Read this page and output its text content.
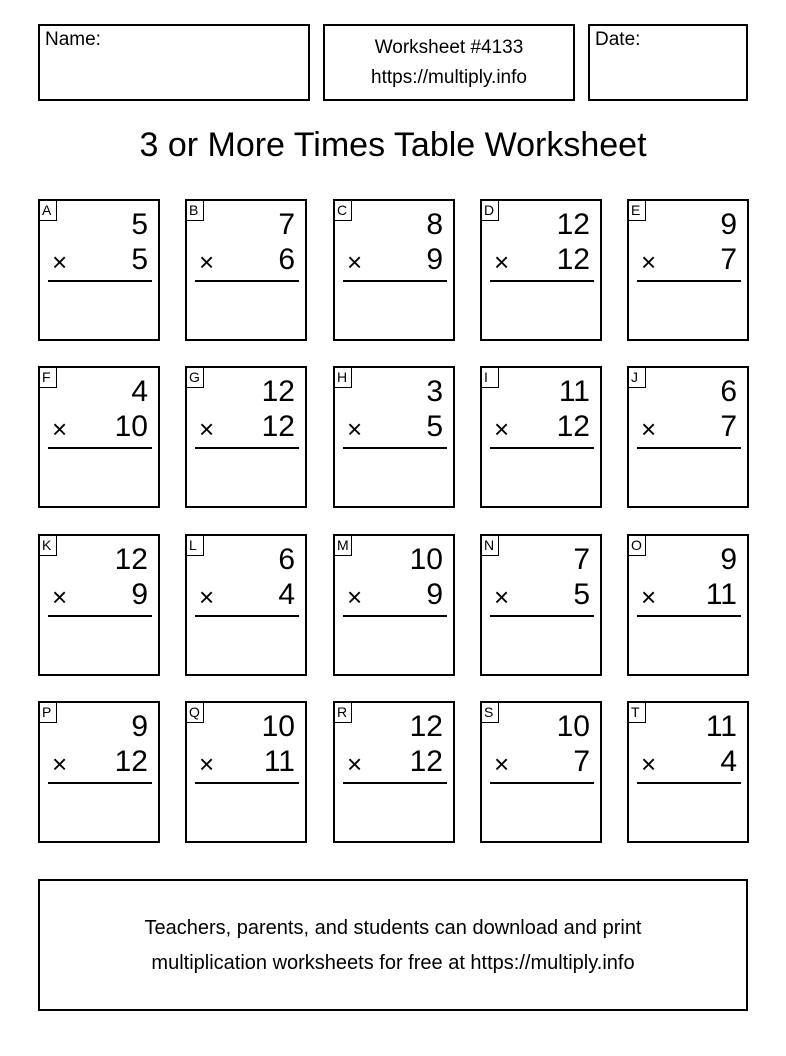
Name:	Worksheet #4133
https://multiply.info
Date:
3 or More Times Table Worksheet
A	5
× 5
B	7
× 6
C	8
× 9
D 12
× 12
E	9
× 7
F	4
× 10
G 12
× 12
H	3
× 5
I	11
× 12
J	6
× 7
K 12
× 9
L	6
× 4
M 10
× 9
N	7
× 5
O	9
× 11
P	9
× 12
Q 10
× 11
R 12
× 12
S 10
× 7
T 11
× 4
Teachers, parents, and students can download and print
multiplication worksheets for free at https://multiply.info
